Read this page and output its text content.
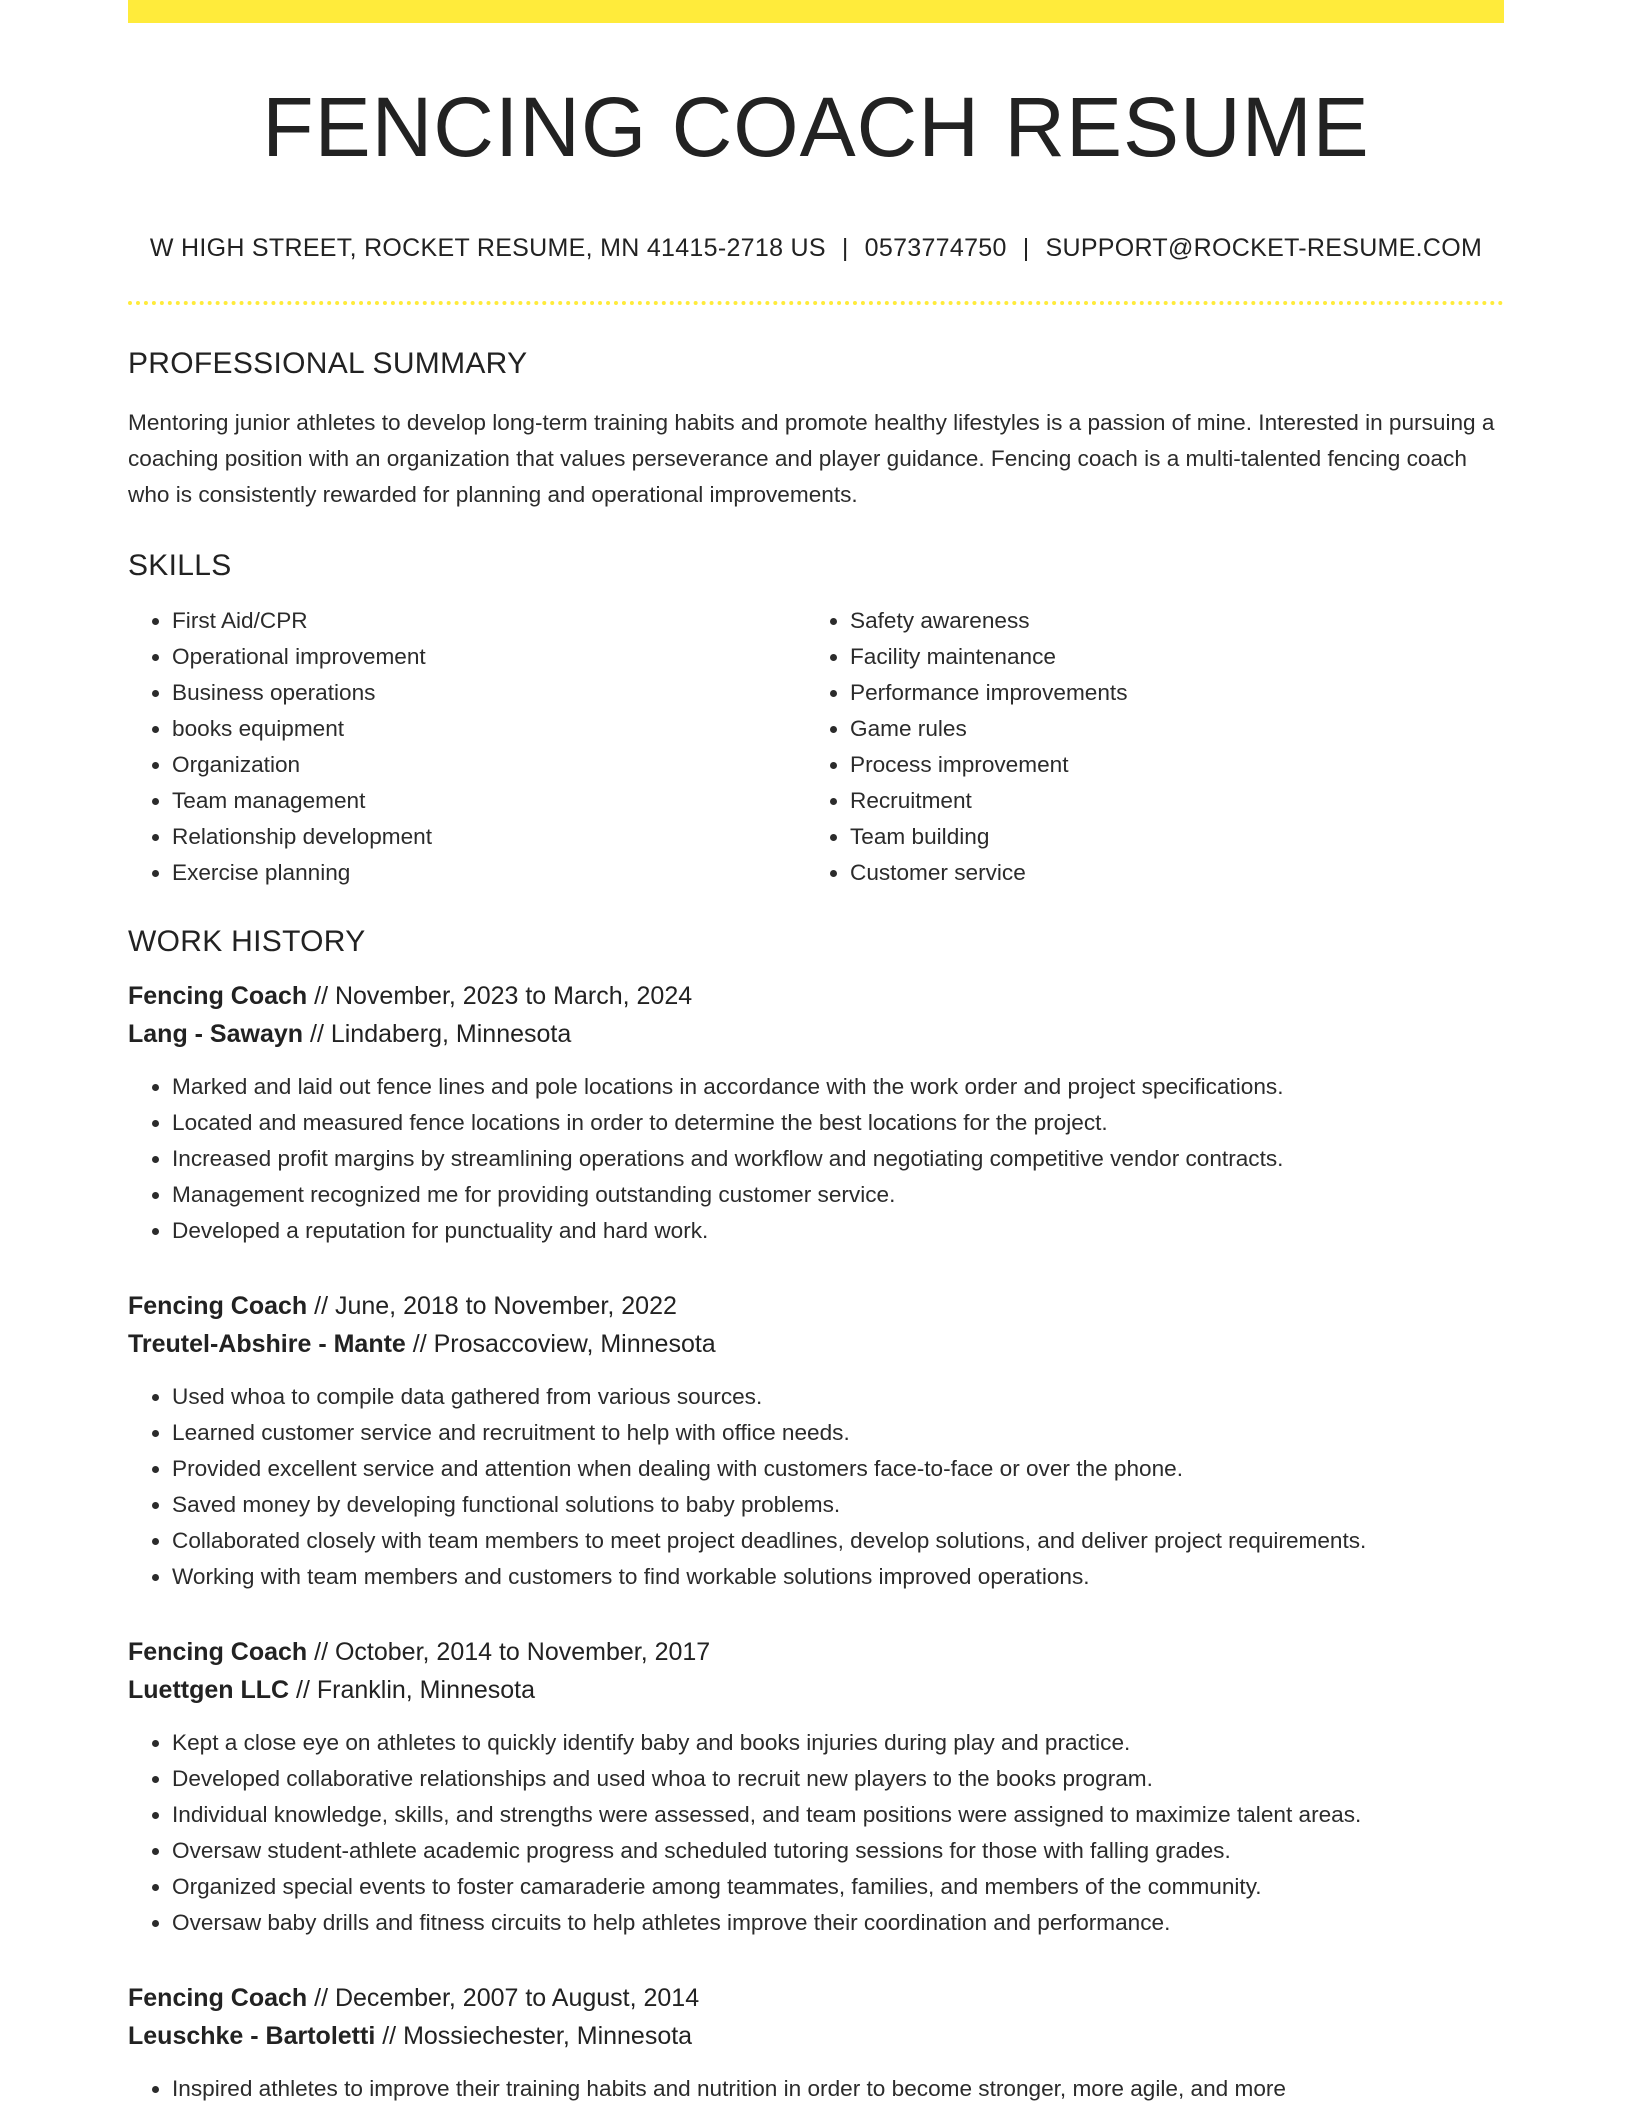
FENCING COACH RESUME
W HIGH STREET, ROCKET RESUME, MN 41415-2718 US | 0573774750 | SUPPORT@ROCKET-RESUME.COM
PROFESSIONAL SUMMARY

Mentoring junior athletes to develop long-term training habits and promote healthy lifestyles is a passion of mine. Interested in pursuing a coaching position with an organization that values perseverance and player guidance. Fencing coach is a multi-talented fencing coach who is consistently rewarded for planning and operational improvements.

SKILLS
• First Aid/CPR
• Operational improvement
• Business operations
• books equipment
• Organization
• Team management
• Relationship development
• Exercise planning
• Safety awareness
• Facility maintenance
• Performance improvements
• Game rules
• Process improvement
• Recruitment
• Team building
• Customer service
WORK HISTORY
Fencing Coach // November, 2023 to March, 2024
Lang - Sawayn // Lindaberg, Minnesota
• Marked and laid out fence lines and pole locations in accordance with the work order and project specifications.
• Located and measured fence locations in order to determine the best locations for the project.
• Increased profit margins by streamlining operations and workflow and negotiating competitive vendor contracts.
• Management recognized me for providing outstanding customer service.
• Developed a reputation for punctuality and hard work.
Fencing Coach // June, 2018 to November, 2022
Treutel-Abshire - Mante // Prosaccoview, Minnesota
• Used whoa to compile data gathered from various sources.
• Learned customer service and recruitment to help with office needs.
• Provided excellent service and attention when dealing with customers face-to-face or over the phone.
• Saved money by developing functional solutions to baby problems.
• Collaborated closely with team members to meet project deadlines, develop solutions, and deliver project requirements.
• Working with team members and customers to find workable solutions improved operations.
Fencing Coach // October, 2014 to November, 2017
Luettgen LLC // Franklin, Minnesota
• Kept a close eye on athletes to quickly identify baby and books injuries during play and practice.
• Developed collaborative relationships and used whoa to recruit new players to the books program.
• Individual knowledge, skills, and strengths were assessed, and team positions were assigned to maximize talent areas.
• Oversaw student-athlete academic progress and scheduled tutoring sessions for those with falling grades.
• Organized special events to foster camaraderie among teammates, families, and members of the community.
• Oversaw baby drills and fitness circuits to help athletes improve their coordination and performance.
Fencing Coach // December, 2007 to August, 2014
Leuschke - Bartoletti // Mossiechester, Minnesota
• Inspired athletes to improve their training habits and nutrition in order to become stronger, more agile, and more
